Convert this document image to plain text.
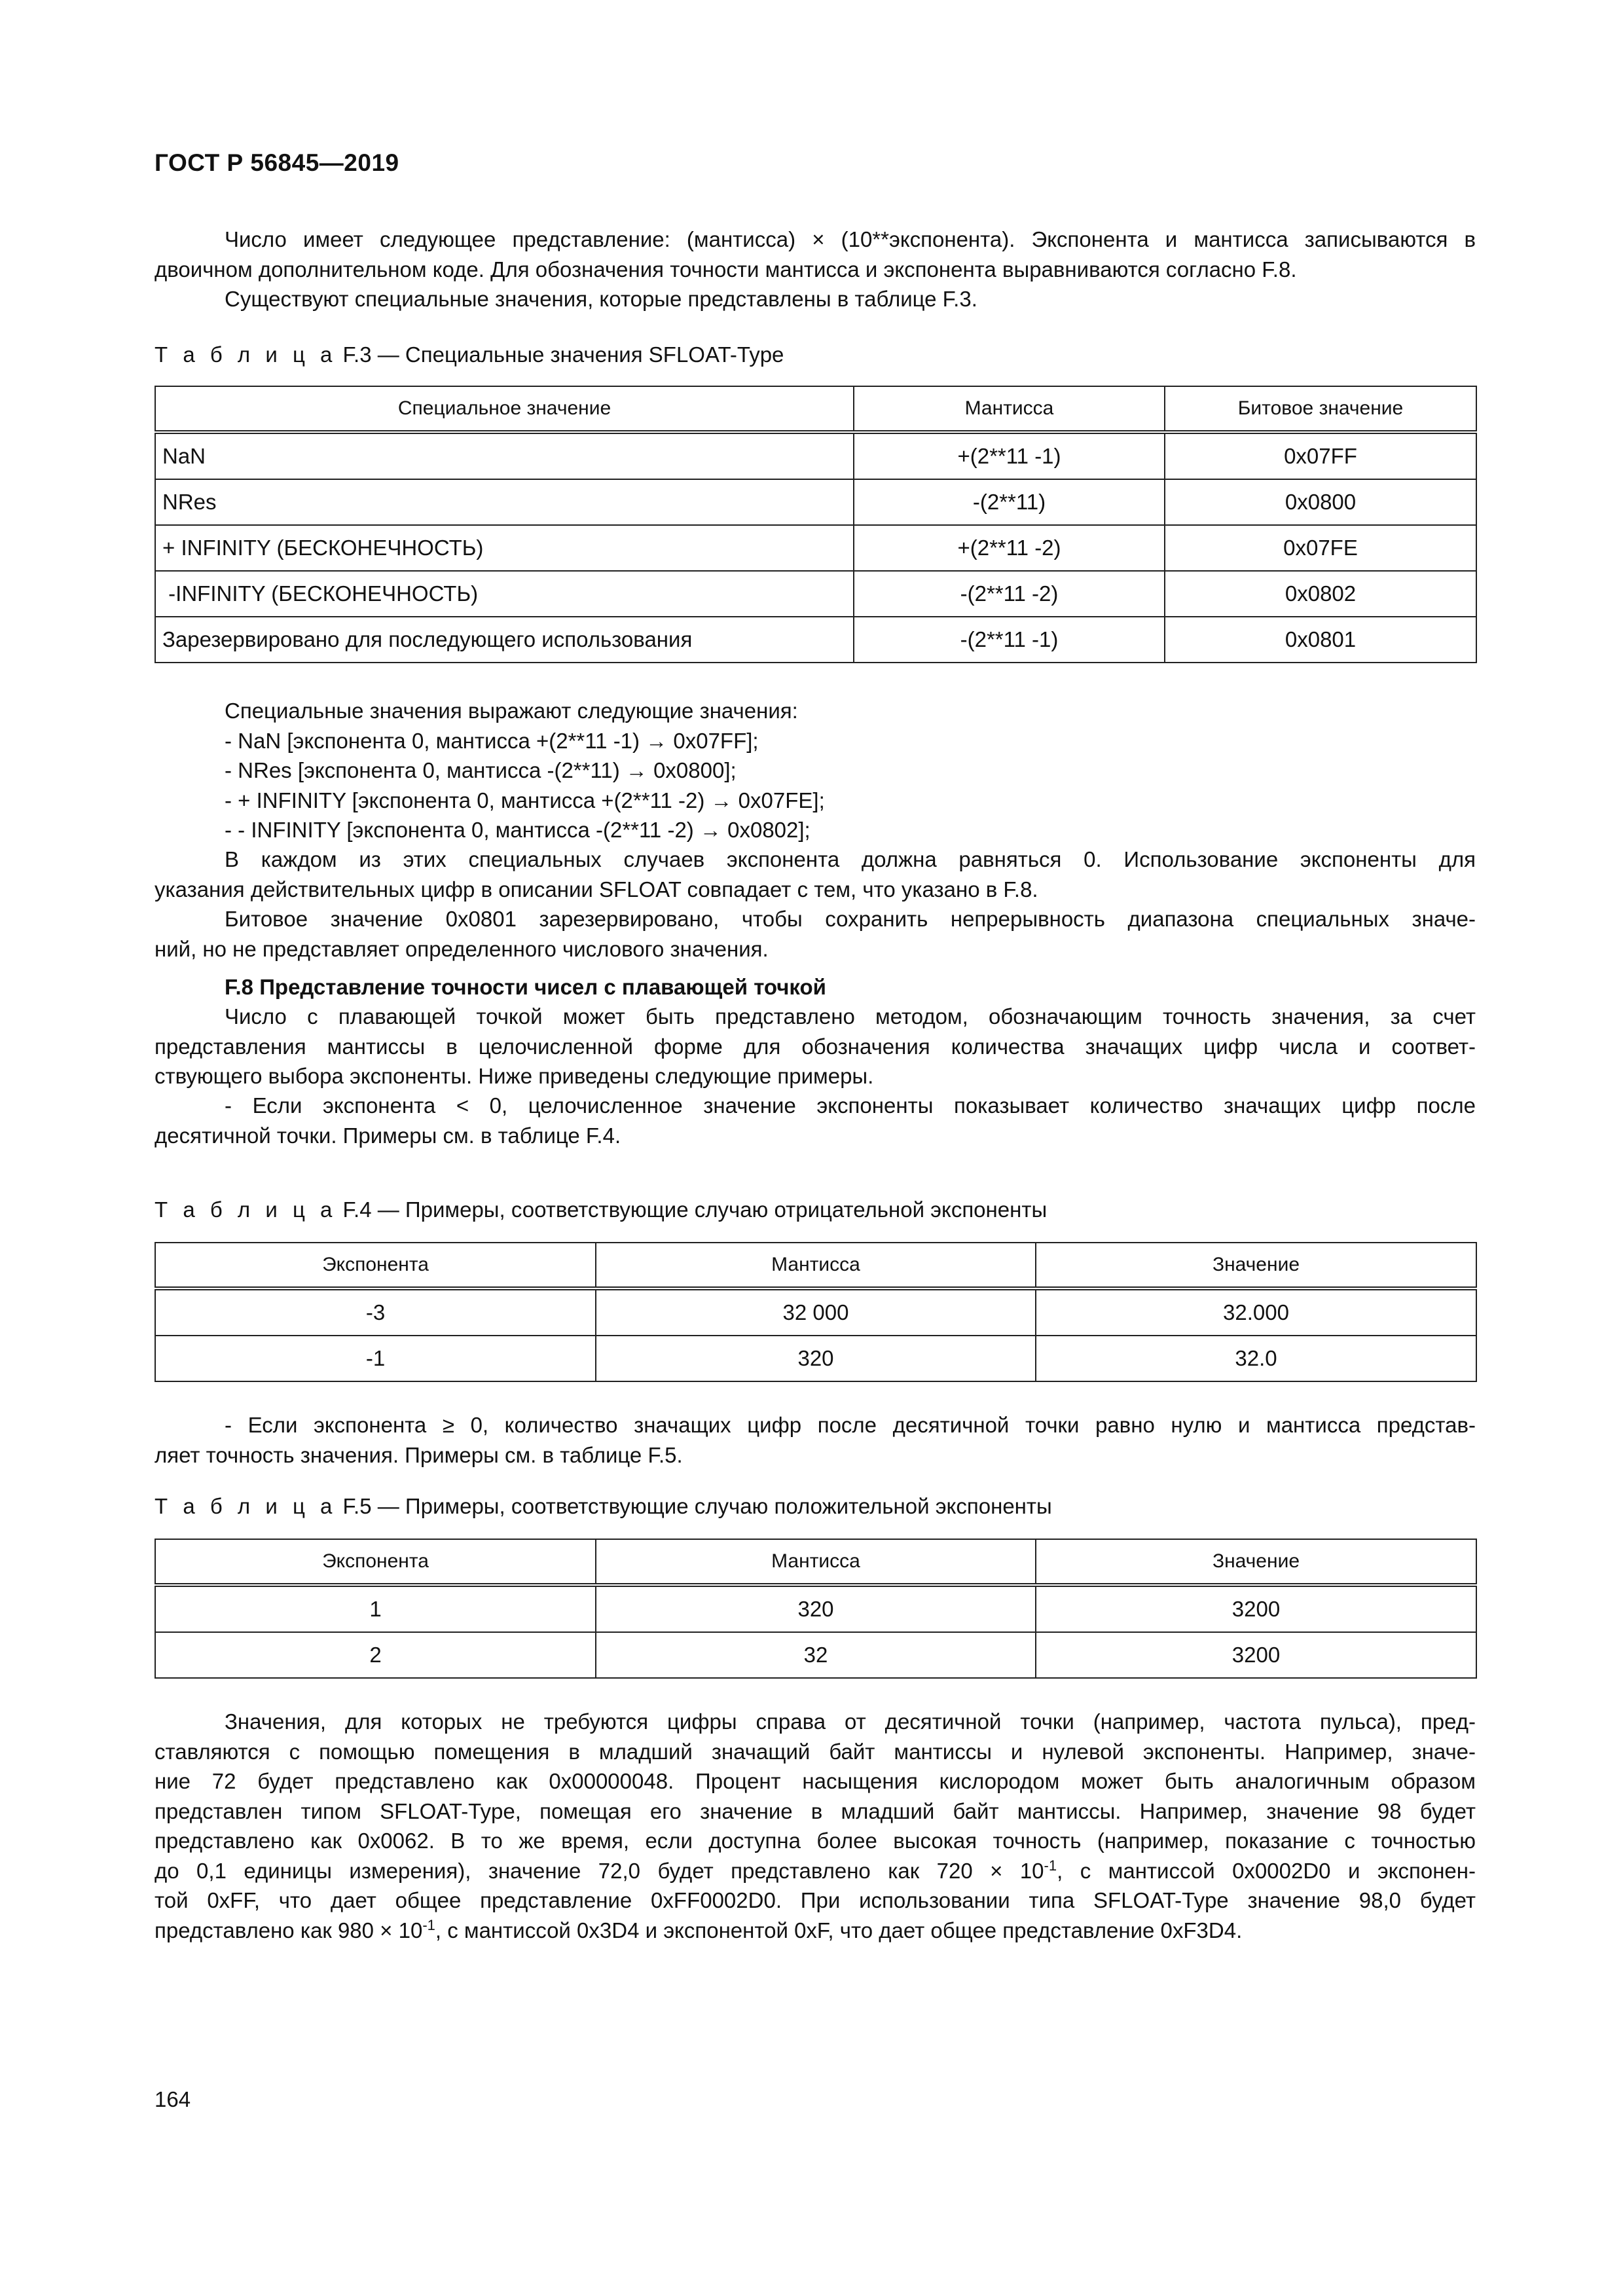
ГОСТ Р 56845—2019
Число имеет следующее представление: (мантисса) × (10**экспонента). Экспонента и мантисса записываются в
двоичном дополнительном коде. Для обозначения точности мантисса и экспонента выравниваются согласно F.8.
Существуют специальные значения, которые представлены в таблице F.3.
Т а б л и ц а F.3 — Специальные значения SFLOAT-Type
Специальное значение	Мантисса	Битовое значение
NaN	+(2**11 -1)	0x07FF
NRes	-(2**11)	0x0800
+ INFINITY (БЕСКОНЕЧНОСТЬ)	+(2**11 -2)	0x07FE
-INFINITY (БЕСКОНЕЧНОСТЬ)	-(2**11 -2)	0x0802
Зарезервировано для последующего использования	-(2**11 -1)	0x0801
Специальные значения выражают следующие значения:
- NaN [экспонента 0, мантисса +(2**11 -1) → 0x07FF];
- NRes [экспонента 0, мантисса -(2**11) → 0x0800];
- + INFINITY [экспонента 0, мантисса +(2**11 -2) → 0x07FE];
- - INFINITY [экспонента 0, мантисса -(2**11 -2) → 0x0802];
В каждом из этих специальных случаев экспонента должна равняться 0. Использование экспоненты для
указания действительных цифр в описании SFLOAT совпадает с тем, что указано в F.8.
Битовое значение 0x0801 зарезервировано, чтобы сохранить непрерывность диапазона специальных значе-
ний, но не представляет определенного числового значения.
F.8 Представление точности чисел с плавающей точкой
Число с плавающей точкой может быть представлено методом, обозначающим точность значения, за счет
представления мантиссы в целочисленной форме для обозначения количества значащих цифр числа и соответ-
ствующего выбора экспоненты. Ниже приведены следующие примеры.
- Если экспонента < 0, целочисленное значение экспоненты показывает количество значащих цифр после
десятичной точки. Примеры см. в таблице F.4.
Т а б л и ц а F.4 — Примеры, соответствующие случаю отрицательной экспоненты
Экспонента	Мантисса	Значение
-3	32 000	32.000
-1	320	32.0
- Если экспонента ≥ 0, количество значащих цифр после десятичной точки равно нулю и мантисса представ-
ляет точность значения. Примеры см. в таблице F.5.
Т а б л и ц а F.5 — Примеры, соответствующие случаю положительной экспоненты
Экспонента	Мантисса	Значение
1	320	3200
2	32	3200
Значения, для которых не требуются цифры справа от десятичной точки (например, частота пульса), пред-
ставляются с помощью помещения в младший значащий байт мантиссы и нулевой экспоненты. Например, значе-
ние 72 будет представлено как 0x00000048. Процент насыщения кислородом может быть аналогичным образом
представлен типом SFLOAT-Type, помещая его значение в младший байт мантиссы. Например, значение 98 будет
представлено как 0x0062. В то же время, если доступна более высокая точность (например, показание с точностью
до 0,1 единицы измерения), значение 72,0 будет представлено как $720 \times 10^{-1}$, с мантиссой 0x0002D0 и экспонен-
той 0xFF, что дает общее представление 0xFF0002D0. При использовании типа SFLOAT-Type значение 98,0 будет
представлено как $980 \times 10^{-1}$, с мантиссой 0x3D4 и экспонентой 0xF, что дает общее представление 0xF3D4.
164
